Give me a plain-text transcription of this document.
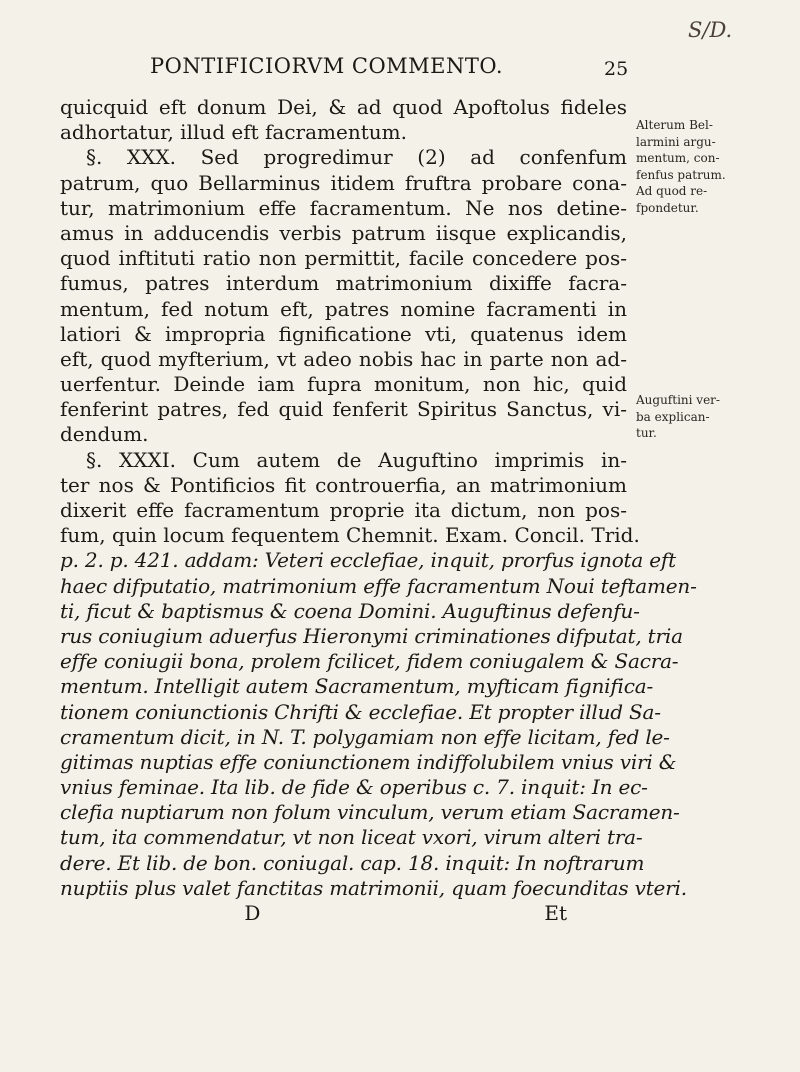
S/D.
PONTIFICIORVM COMMENTO.	25
quicquid eft donum Dei, & ad quod Apoftolus fideles
adhortatur, illud eft facramentum.
§. XXX. Sed progredimur (2) ad confenfum
patrum, quo Bellarminus itidem fruftra probare cona-
tur, matrimonium effe facramentum. Ne nos detine-
amus in adducendis verbis patrum iisque explicandis,
quod inftituti ratio non permittit, facile concedere pos-
fumus, patres interdum matrimonium dixiffe facra-
mentum, fed notum eft, patres nomine facramenti in
latiori & impropria fignificatione vti, quatenus idem
eft, quod myfterium, vt adeo nobis hac in parte non ad-
uerfentur. Deinde iam fupra monitum, non hic, quid
fenferint patres, fed quid fenferit Spiritus Sanctus, vi-
dendum.
§. XXXI. Cum autem de Auguftino imprimis in-
ter nos & Pontificios fit controuerfia, an matrimonium
dixerit effe facramentum proprie ita dictum, non pos-
fum, quin locum fequentem Chemnit. Exam. Concil. Trid.
p. 2. p. 421. addam: Veteri ecclefiae, inquit, prorfus ignota eft
haec difputatio, matrimonium effe facramentum Noui teftamen-
ti, ficut & baptismus & coena Domini. Auguftinus defenfu-
rus coniugium aduerfus Hieronymi criminationes difputat, tria
effe coniugii bona, prolem fcilicet, fidem coniugalem & Sacra-
mentum. Intelligit autem Sacramentum, myfticam fignifica-
tionem coniunctionis Chrifti & ecclefiae. Et propter illud Sa-
cramentum dicit, in N. T. polygamiam non effe licitam, fed le-
gitimas nuptias effe coniunctionem indiffolubilem vnius viri &
vnius feminae. Ita lib. de fide & operibus c. 7. inquit: In ec-
clefia nuptiarum non folum vinculum, verum etiam Sacramen-
tum, ita commendatur, vt non liceat vxori, virum alteri tra-
dere. Et lib. de bon. coniugal. cap. 18. inquit: In noftrarum
nuptiis plus valet fanctitas matrimonii, quam foecunditas vteri.
D	Et
Alterum Bel-
larmini argu-
mentum, con-
fenfus patrum.
Ad quod re-
fpondetur.
Auguftini ver-
ba explican-
tur.
